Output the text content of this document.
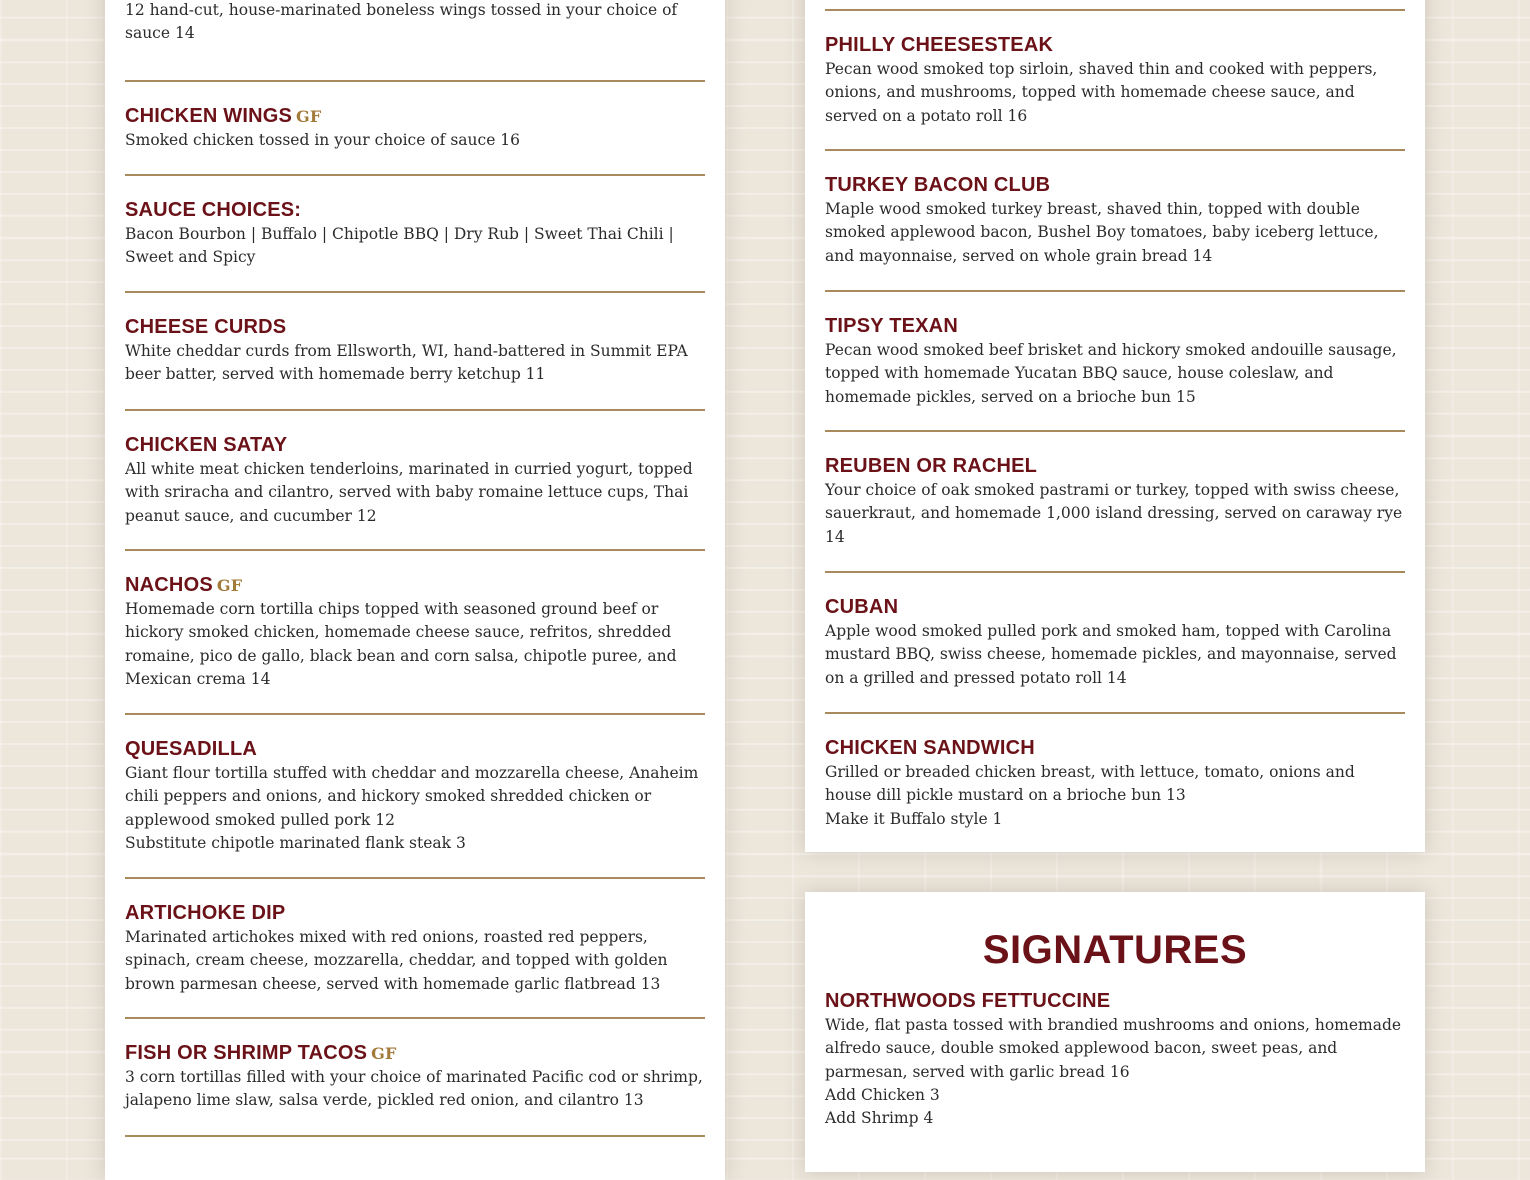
12 hand-cut, house-marinated boneless wings tossed in your choice of sauce 14

CHICKEN WINGS GF

Smoked chicken tossed in your choice of sauce 16

SAUCE CHOICES:

Bacon Bourbon | Buffalo | Chipotle BBQ | Dry Rub | Sweet Thai Chili | Sweet and Spicy

CHEESE CURDS

White cheddar curds from Ellsworth, WI, hand-battered in Summit EPA beer batter, served with homemade berry ketchup 11

CHICKEN SATAY

All white meat chicken tenderloins, marinated in curried yogurt, topped with sriracha and cilantro, served with baby romaine lettuce cups, Thai peanut sauce, and cucumber 12

NACHOS GF

Homemade corn tortilla chips topped with seasoned ground beef or hickory smoked chicken, homemade cheese sauce, refritos, shredded romaine, pico de gallo, black bean and corn salsa, chipotle puree, and Mexican crema 14

QUESADILLA

Giant flour tortilla stuffed with cheddar and mozzarella cheese, Anaheim chili peppers and onions, and hickory smoked shredded chicken or applewood smoked pulled pork 12

Substitute chipotle marinated flank steak 3

ARTICHOKE DIP

Marinated artichokes mixed with red onions, roasted red peppers, spinach, cream cheese, mozzarella, cheddar, and topped with golden brown parmesan cheese, served with homemade garlic flatbread 13

FISH OR SHRIMP TACOS GF

3 corn tortillas filled with your choice of marinated Pacific cod or shrimp, jalapeno lime slaw, salsa verde, pickled red onion, and cilantro 13

PHILLY CHEESESTEAK

Pecan wood smoked top sirloin, shaved thin and cooked with peppers, onions, and mushrooms, topped with homemade cheese sauce, and served on a potato roll 16

TURKEY BACON CLUB

Maple wood smoked turkey breast, shaved thin, topped with double smoked applewood bacon, Bushel Boy tomatoes, baby iceberg lettuce, and mayonnaise, served on whole grain bread 14

TIPSY TEXAN

Pecan wood smoked beef brisket and hickory smoked andouille sausage, topped with homemade Yucatan BBQ sauce, house coleslaw, and homemade pickles, served on a brioche bun 15

REUBEN OR RACHEL

Your choice of oak smoked pastrami or turkey, topped with swiss cheese, sauerkraut, and homemade 1,000 island dressing, served on caraway rye 14

CUBAN

Apple wood smoked pulled pork and smoked ham, topped with Carolina mustard BBQ, swiss cheese, homemade pickles, and mayonnaise, served on a grilled and pressed potato roll 14

CHICKEN SANDWICH

Grilled or breaded chicken breast, with lettuce, tomato, onions and house dill pickle mustard on a brioche bun 13

Make it Buffalo style 1

SIGNATURES
NORTHWOODS FETTUCCINE

Wide, flat pasta tossed with brandied mushrooms and onions, homemade alfredo sauce, double smoked applewood bacon, sweet peas, and parmesan, served with garlic bread 16

Add Chicken 3

Add Shrimp 4
